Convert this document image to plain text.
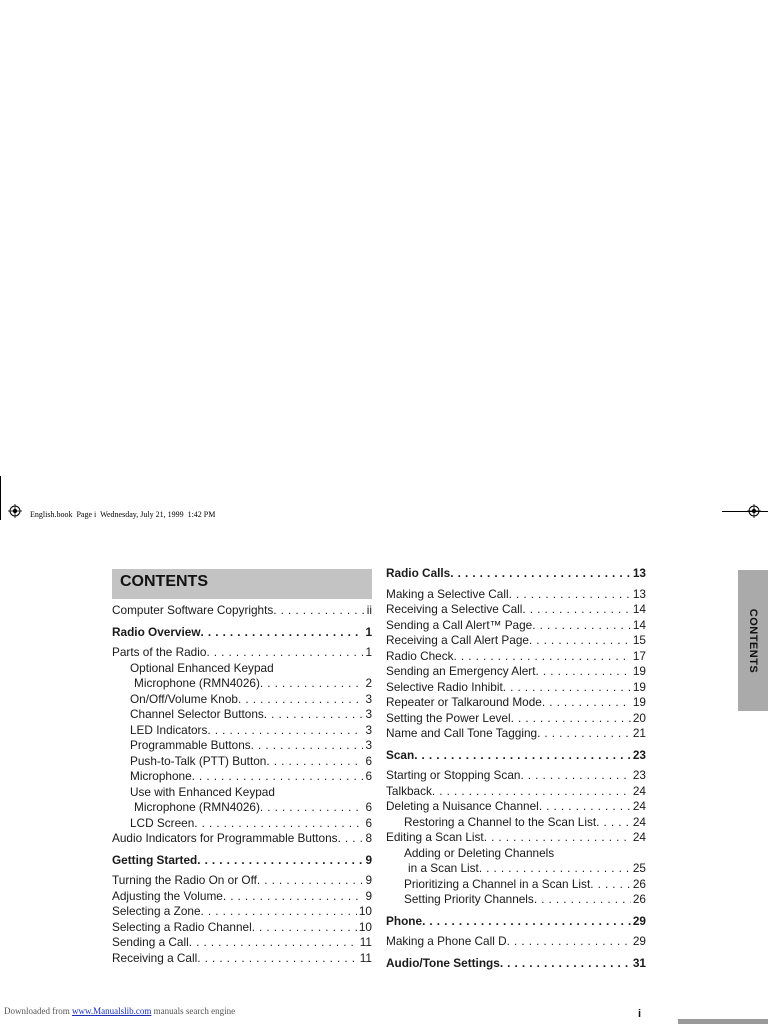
English.book  Page i  Wednesday, July 21, 1999  1:42 PM
CONTENTS
Computer Software Copyrights . . .	ii
Radio Overview . . .	1
Parts of the Radio . . .	1
Optional Enhanced Keypad
Microphone (RMN4026) . . .	2
On/Off/Volume Knob . . .	3
Channel Selector Buttons . . .	3
LED Indicators . . .	3
Programmable Buttons . . .	3
Push-to-Talk (PTT) Button . . .	6
Microphone . . .	6
Use with Enhanced Keypad
Microphone (RMN4026) . . .	6
LCD Screen . . .	6
Audio Indicators for Programmable Buttons . . . 8
Getting Started . . .	9
Turning the Radio On or Off . . .	9
Adjusting the Volume . . .	9
Selecting a Zone . . .	10
Selecting a Radio Channel . . .	10
Sending a Call . . .	11
Receiving a Call . . .	11
Radio Calls . . .	13
Making a Selective Call . . .	13
Receiving a Selective Call . . .	14
Sending a Call Alert™ Page . . .	14
Receiving a Call Alert Page . . .	15
Radio Check . . .	17
Sending an Emergency Alert . . .	19
Selective Radio Inhibit . . .	19
Repeater or Talkaround Mode . . .	19
Setting the Power Level . . .	20
Name and Call Tone Tagging . . .	21
Scan . . .	23
Starting or Stopping Scan . . .	23
Talkback . . .	24
Deleting a Nuisance Channel . . .	24
Restoring a Channel to the Scan List . . .	24
Editing a Scan List . . .	24
Adding or Deleting Channels
in a Scan List . . .	25
Prioritizing a Channel in a Scan List . . .	26
Setting Priority Channels . . .	26
Phone . . .	29
Making a Phone Call D . . .	29
Audio/Tone Settings . . .	31
CONTENTS
i
Downloaded from www.Manualslib.com manuals search engine
